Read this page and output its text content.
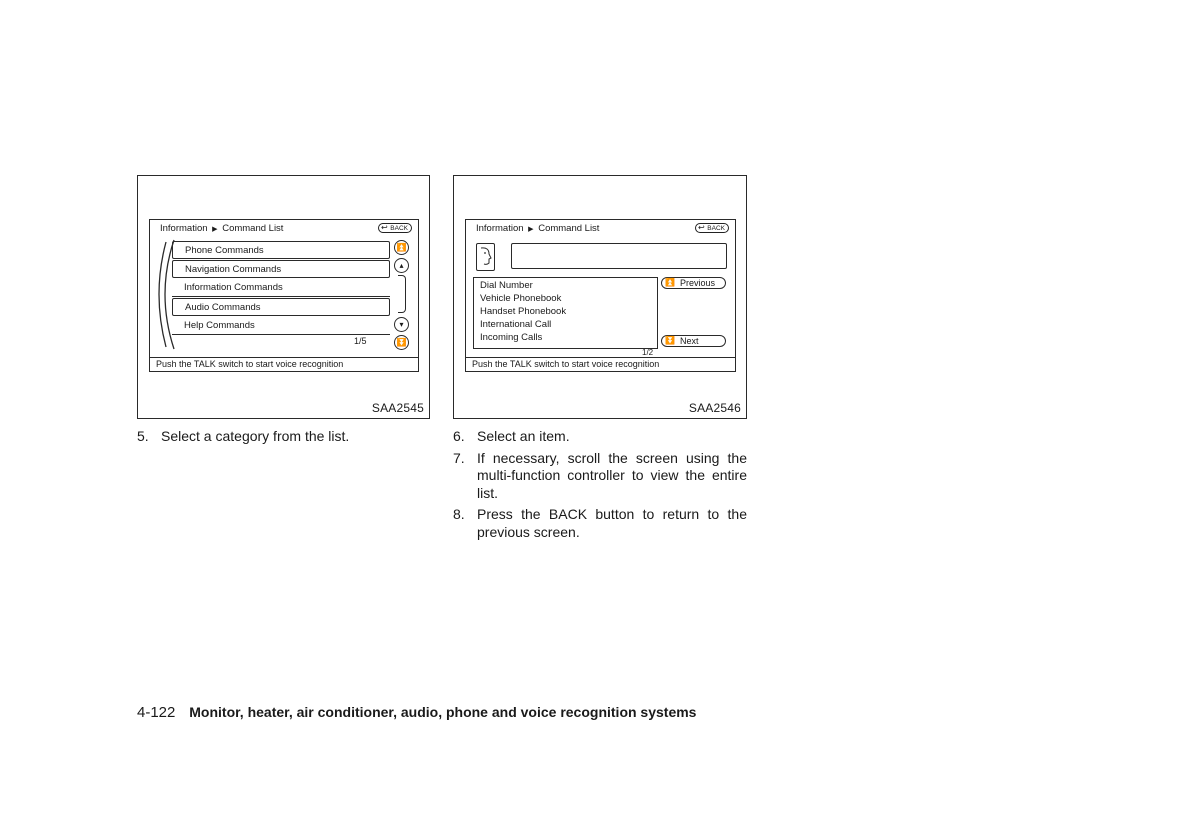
Information ▶ Command List	↩ BACK
Phone Commands
Navigation Commands
Information Commands
Audio Commands
Help Commands
1/5
⏫
▴
▾
⏬
Push the TALK switch to start voice recognition
SAA2545
Information ▶ Command List	↩ BACK
Dial Number
Vehicle Phonebook
Handset Phonebook
International Call
Incoming Calls
1/2
⏫ Previous
⏬ Next
Push the TALK switch to start voice recognition
SAA2546
5. Select a category from the list.	6. Select an item.
7. If necessary, scroll the screen using the multi-function controller to view the entire list.
8. Press the BACK button to return to the previous screen.
4-122 Monitor, heater, air conditioner, audio, phone and voice recognition systems
